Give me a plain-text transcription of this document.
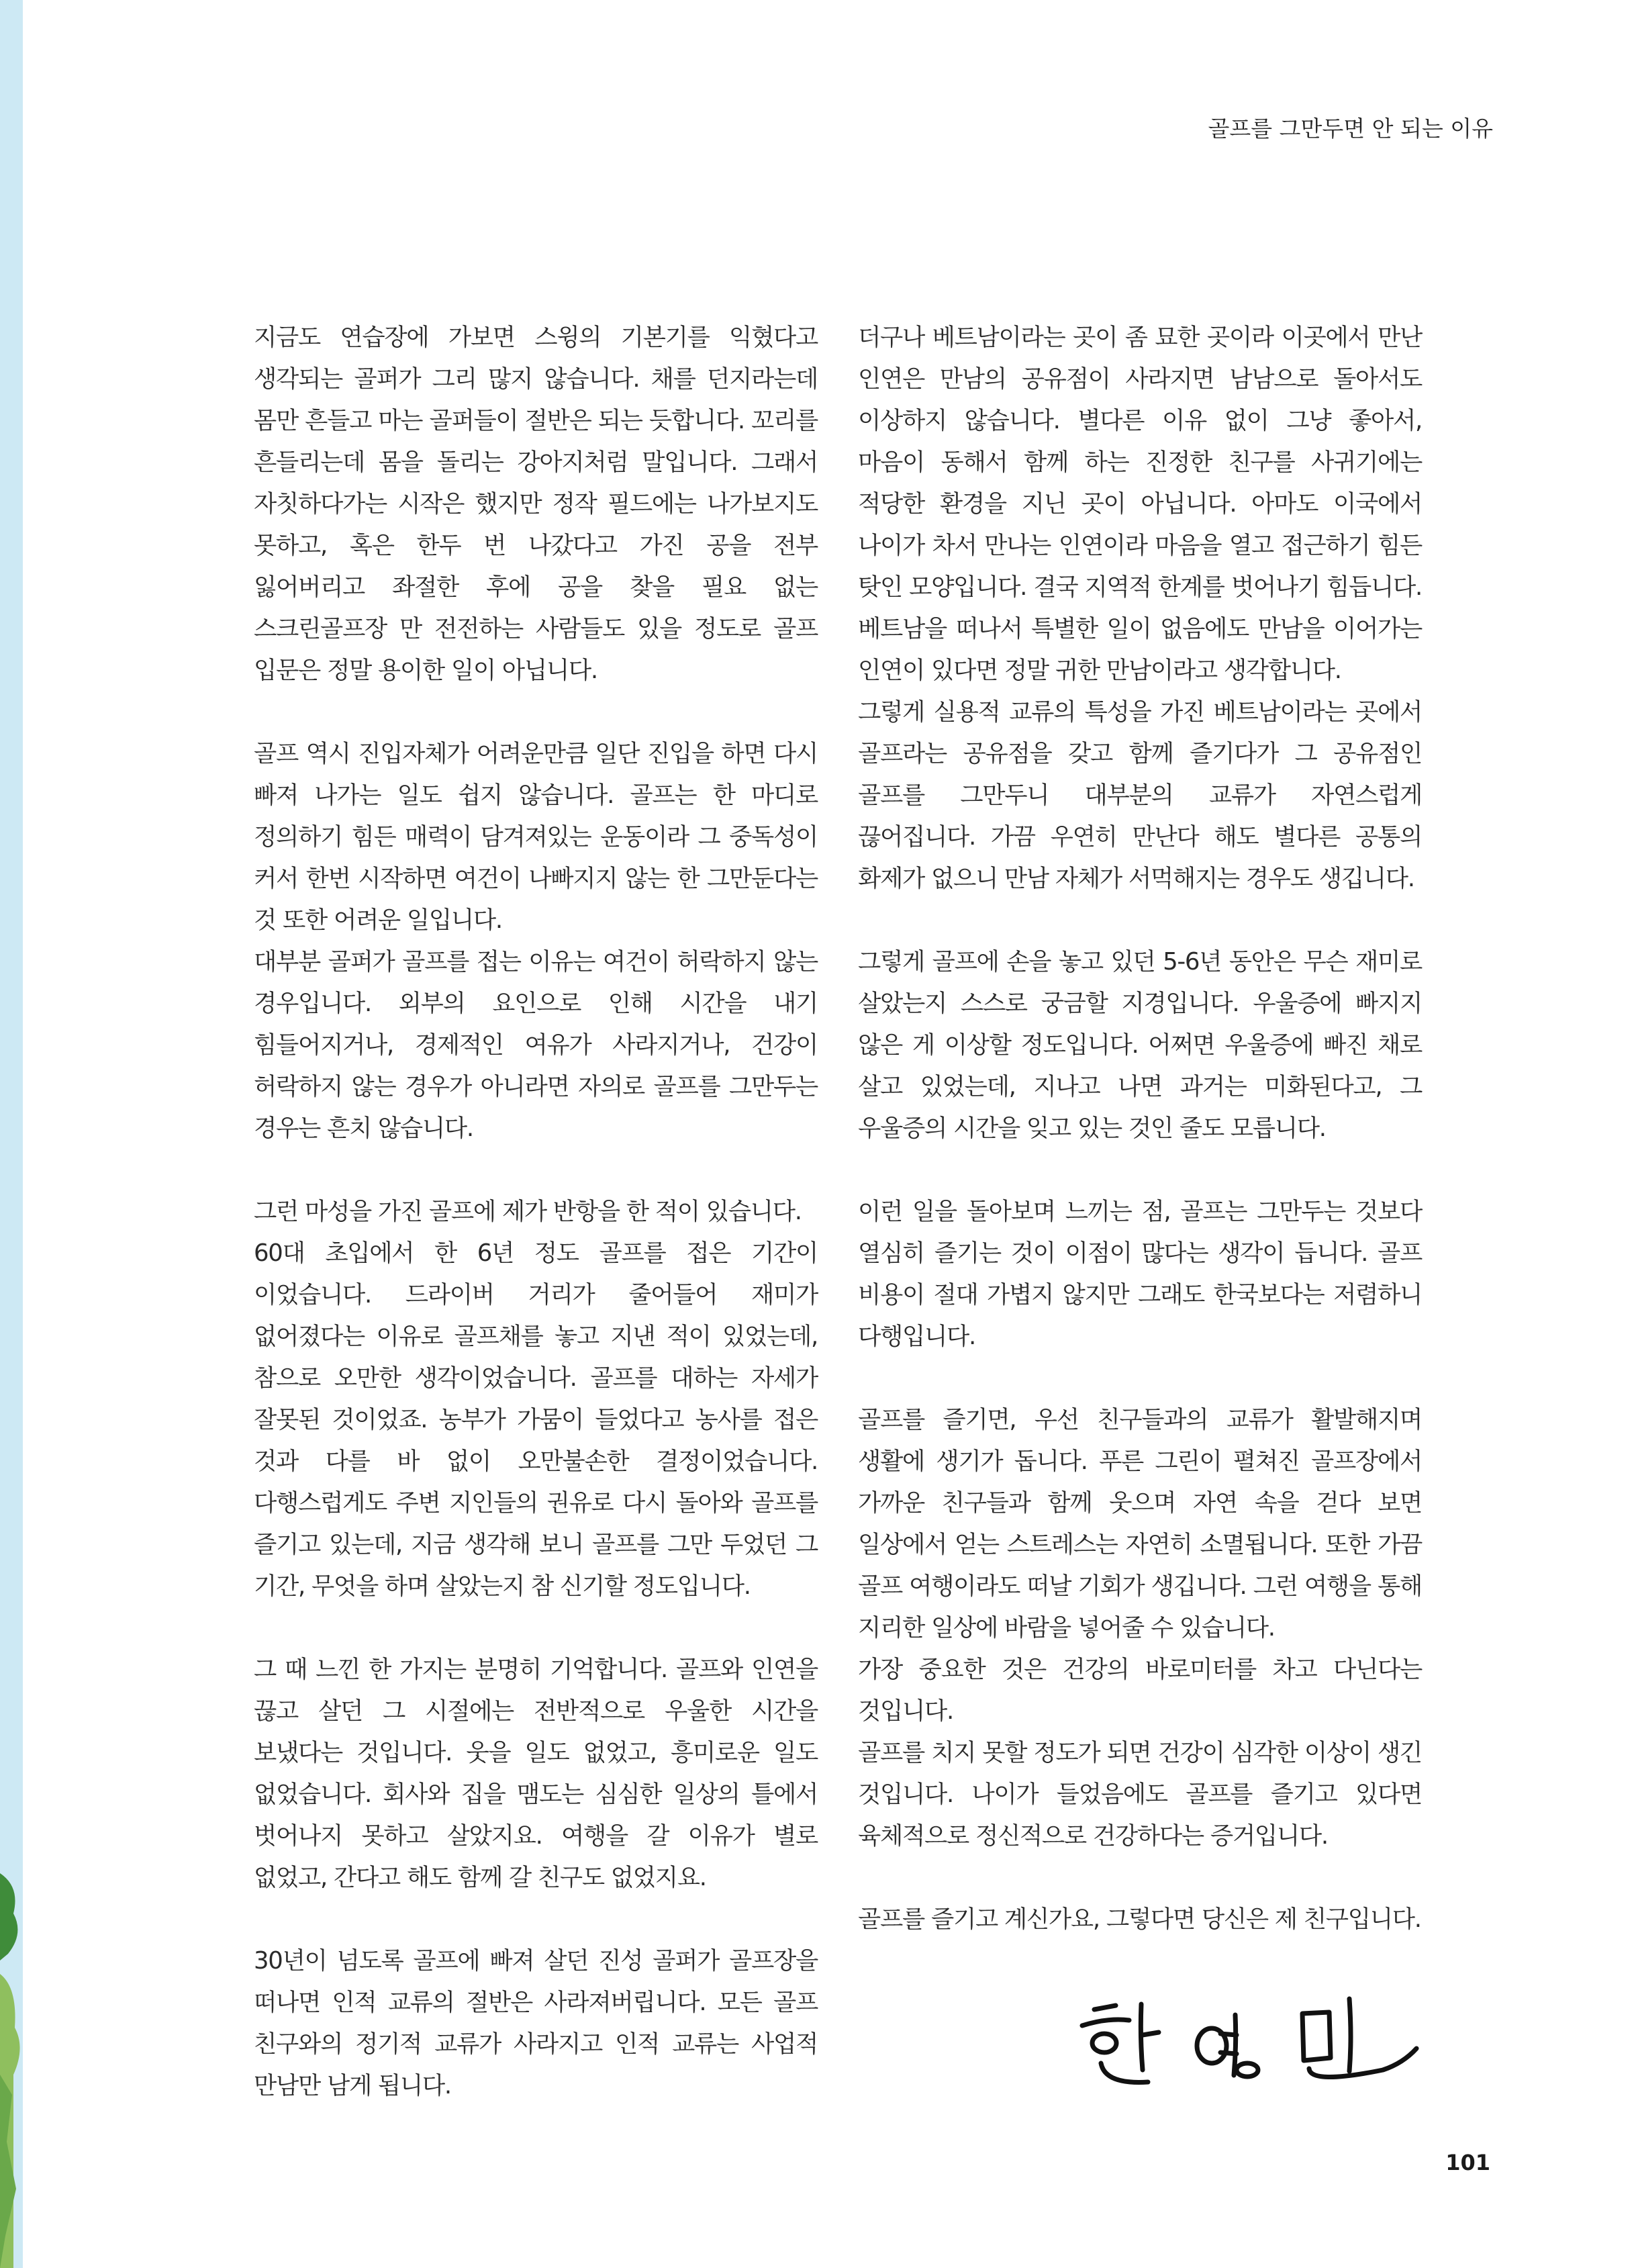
골프를 그만두면 안 되는 이유

지금도 연습장에 가보면 스윙의 기본기를 익혔다고 생각되는 골퍼가 그리 많지 않습니다. 채를 던지라는데 몸만 흔들고 마는 골퍼들이 절반은 되는 듯합니다. 꼬리를 흔들리는데 몸을 돌리는 강아지처럼 말입니다. 그래서 자칫하다가는 시작은 했지만 정작 필드에는 나가보지도 못하고, 혹은 한두 번 나갔다고 가진 공을 전부 잃어버리고 좌절한 후에 공을 찾을 필요 없는 스크린골프장 만 전전하는 사람들도 있을 정도로 골프 입문은 정말 용이한 일이 아닙니다.

골프 역시 진입자체가 어려운만큼 일단 진입을 하면 다시 빠져 나가는 일도 쉽지 않습니다. 골프는 한 마디로 정의하기 힘든 매력이 담겨져있는 운동이라 그 중독성이 커서 한번 시작하면 여건이 나빠지지 않는 한 그만둔다는 것 또한 어려운 일입니다.

대부분 골퍼가 골프를 접는 이유는 여건이 허락하지 않는 경우입니다. 외부의 요인으로 인해 시간을 내기 힘들어지거나, 경제적인 여유가 사라지거나, 건강이 허락하지 않는 경우가 아니라면 자의로 골프를 그만두는 경우는 흔치 않습니다.

그런 마성을 가진 골프에 제가 반항을 한 적이 있습니다.

60대 초입에서 한 6년 정도 골프를 접은 기간이 이었습니다. 드라이버 거리가 줄어들어 재미가 없어졌다는 이유로 골프채를 놓고 지낸 적이 있었는데, 참으로 오만한 생각이었습니다. 골프를 대하는 자세가 잘못된 것이었죠. 농부가 가뭄이 들었다고 농사를 접은 것과 다를 바 없이 오만불손한 결정이었습니다. 다행스럽게도 주변 지인들의 권유로 다시 돌아와 골프를 즐기고 있는데, 지금 생각해 보니 골프를 그만 두었던 그 기간, 무엇을 하며 살았는지 참 신기할 정도입니다.

그 때 느낀 한 가지는 분명히 기억합니다. 골프와 인연을 끊고 살던 그 시절에는 전반적으로 우울한 시간을 보냈다는 것입니다. 웃을 일도 없었고, 흥미로운 일도 없었습니다. 회사와 집을 맴도는 심심한 일상의 틀에서 벗어나지 못하고 살았지요. 여행을 갈 이유가 별로 없었고, 간다고 해도 함께 갈 친구도 없었지요.

30년이 넘도록 골프에 빠져 살던 진성 골퍼가 골프장을 떠나면 인적 교류의 절반은 사라져버립니다. 모든 골프 친구와의 정기적 교류가 사라지고 인적 교류는 사업적 만남만 남게 됩니다.

더구나 베트남이라는 곳이 좀 묘한 곳이라 이곳에서 만난 인연은 만남의 공유점이 사라지면 남남으로 돌아서도 이상하지 않습니다. 별다른 이유 없이 그냥 좋아서, 마음이 동해서 함께 하는 진정한 친구를 사귀기에는 적당한 환경을 지닌 곳이 아닙니다. 아마도 이국에서 나이가 차서 만나는 인연이라 마음을 열고 접근하기 힘든 탓인 모양입니다. 결국 지역적 한계를 벗어나기 힘듭니다. 베트남을 떠나서 특별한 일이 없음에도 만남을 이어가는 인연이 있다면 정말 귀한 만남이라고 생각합니다.

그렇게 실용적 교류의 특성을 가진 베트남이라는 곳에서 골프라는 공유점을 갖고 함께 즐기다가 그 공유점인 골프를 그만두니 대부분의 교류가 자연스럽게 끊어집니다. 가끔 우연히 만난다 해도 별다른 공통의 화제가 없으니 만남 자체가 서먹해지는 경우도 생깁니다.

그렇게 골프에 손을 놓고 있던 5-6년 동안은 무슨 재미로 살았는지 스스로 궁금할 지경입니다. 우울증에 빠지지 않은 게 이상할 정도입니다. 어쩌면 우울증에 빠진 채로 살고 있었는데, 지나고 나면 과거는 미화된다고, 그 우울증의 시간을 잊고 있는 것인 줄도 모릅니다.

이런 일을 돌아보며 느끼는 점, 골프는 그만두는 것보다 열심히 즐기는 것이 이점이 많다는 생각이 듭니다. 골프 비용이 절대 가볍지 않지만 그래도 한국보다는 저렴하니 다행입니다.

골프를 즐기면, 우선 친구들과의 교류가 활발해지며 생활에 생기가 돕니다. 푸른 그린이 펼쳐진 골프장에서 가까운 친구들과 함께 웃으며 자연 속을 걷다 보면 일상에서 얻는 스트레스는 자연히 소멸됩니다. 또한 가끔 골프 여행이라도 떠날 기회가 생깁니다. 그런 여행을 통해 지리한 일상에 바람을 넣어줄 수 있습니다.

가장 중요한 것은 건강의 바로미터를 차고 다닌다는 것입니다.

골프를 치지 못할 정도가 되면 건강이 심각한 이상이 생긴 것입니다. 나이가 들었음에도 골프를 즐기고 있다면 육체적으로 정신적으로 건강하다는 증거입니다.

골프를 즐기고 계신가요, 그렇다면 당신은 제 친구입니다.

101
